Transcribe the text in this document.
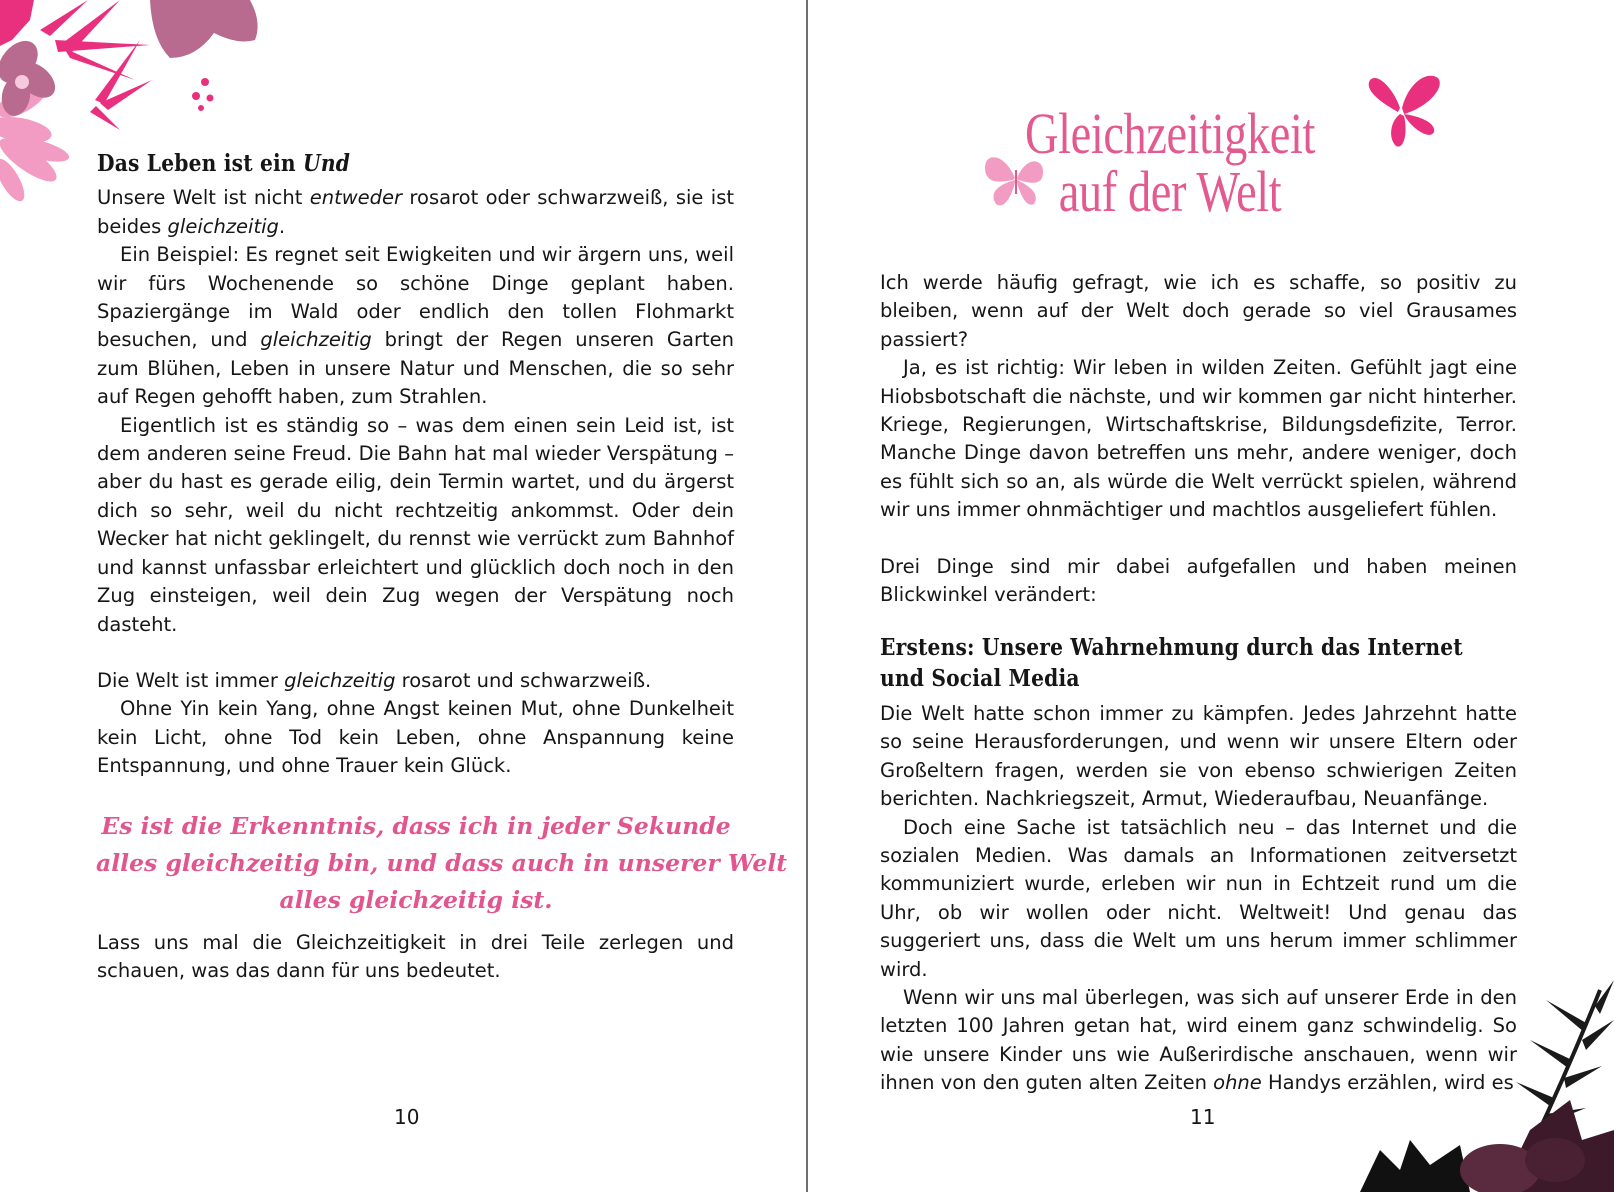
Das Leben ist ein Und

Unsere Welt ist nicht entweder rosarot oder schwarzweiß, sie ist beides gleichzeitig.

Ein Beispiel: Es regnet seit Ewigkeiten und wir ärgern uns, weil wir fürs Wochenende so schöne Dinge geplant haben. Spaziergänge im Wald oder endlich den tollen Flohmarkt besuchen, und gleichzeitig bringt der Regen unseren Garten zum Blühen, Leben in unsere Natur und Menschen, die so sehr auf Regen gehofft haben, zum Strahlen.

Eigentlich ist es ständig so – was dem einen sein Leid ist, ist dem anderen seine Freud. Die Bahn hat mal wieder Verspätung – aber du hast es gerade eilig, dein Termin wartet, und du ärgerst dich so sehr, weil du nicht rechtzeitig ankommst. Oder dein Wecker hat nicht geklingelt, du rennst wie verrückt zum Bahnhof und kannst unfassbar erleichtert und glücklich doch noch in den Zug einsteigen, weil dein Zug wegen der Verspätung noch dasteht.

Die Welt ist immer gleichzeitig rosarot und schwarzweiß.

Ohne Yin kein Yang, ohne Angst keinen Mut, ohne Dunkelheit kein Licht, ohne Tod kein Leben, ohne Anspannung keine Entspannung, und ohne Trauer kein Glück.

Es ist die Erkenntnis, dass ich in jeder Sekunde
alles gleichzeitig bin, und dass auch in unserer Welt
alles gleichzeitig ist.

Lass uns mal die Gleichzeitigkeit in drei Teile zerlegen und schauen, was das dann für uns bedeutet.

10
Gleichzeitigkeit
auf der Welt

Ich werde häufig gefragt, wie ich es schaffe, so positiv zu bleiben, wenn auf der Welt doch gerade so viel Grausames passiert?

Ja, es ist richtig: Wir leben in wilden Zeiten. Gefühlt jagt eine Hiobsbotschaft die nächste, und wir kommen gar nicht hinterher. Kriege, Regierungen, Wirtschaftskrise, Bildungsdefizite, Terror. Manche Dinge davon betreffen uns mehr, andere weniger, doch es fühlt sich so an, als würde die Welt verrückt spielen, während wir uns immer ohnmächtiger und machtlos ausgeliefert fühlen.

Drei Dinge sind mir dabei aufgefallen und haben meinen Blickwinkel verändert:

Erstens: Unsere Wahrnehmung durch das Internet
und Social Media

Die Welt hatte schon immer zu kämpfen. Jedes Jahrzehnt hatte so seine Herausforderungen, und wenn wir unsere Eltern oder Großeltern fragen, werden sie von ebenso schwierigen Zeiten berichten. Nachkriegszeit, Armut, Wiederaufbau, Neuanfänge.

Doch eine Sache ist tatsächlich neu – das Internet und die sozialen Medien. Was damals an Informationen zeitversetzt kommuniziert wurde, erleben wir nun in Echtzeit rund um die Uhr, ob wir wollen oder nicht. Weltweit! Und genau das suggeriert uns, dass die Welt um uns herum immer schlimmer wird.

Wenn wir uns mal überlegen, was sich auf unserer Erde in den letzten 100 Jahren getan hat, wird einem ganz schwindelig. So wie unsere Kinder uns wie Außerirdische anschauen, wenn wir ihnen von den guten alten Zeiten ohne Handys erzählen, wird es

11
